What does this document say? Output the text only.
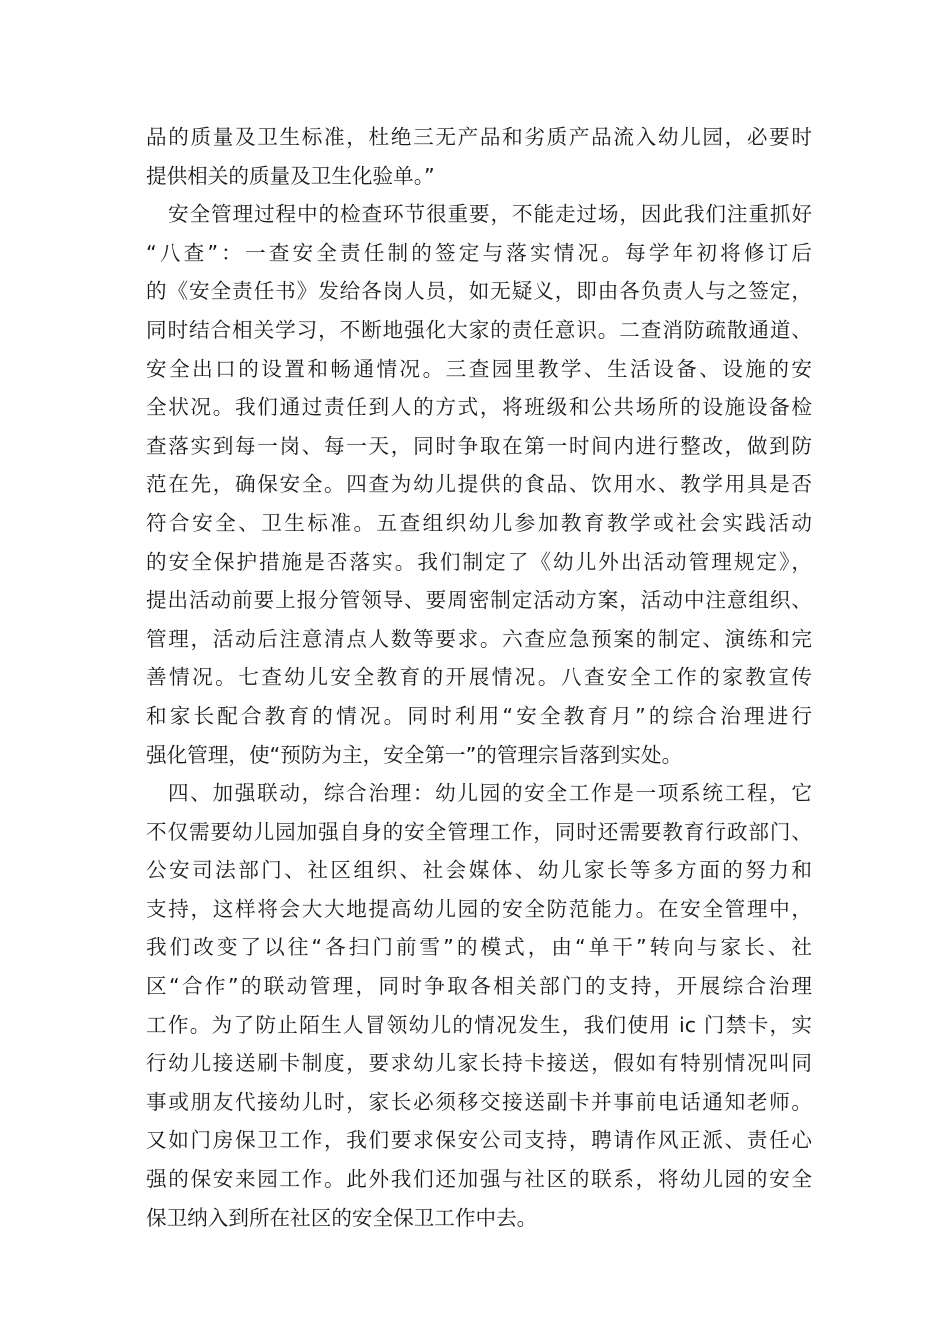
品的质量及卫生标准，杜绝三无产品和劣质产品流入幼儿园，必要时
提供相关的质量及卫生化验单。”
安全管理过程中的检查环节很重要，不能走过场，因此我们注重抓好
“八查”：一查安全责任制的签定与落实情况。每学年初将修订后
的《安全责任书》发给各岗人员，如无疑义，即由各负责人与之签定，
同时结合相关学习，不断地强化大家的责任意识。二查消防疏散通道、
安全出口的设置和畅通情况。三查园里教学、生活设备、设施的安
全状况。我们通过责任到人的方式，将班级和公共场所的设施设备检
查落实到每一岗、每一天，同时争取在第一时间内进行整改，做到防
范在先，确保安全。四查为幼儿提供的食品、饮用水、教学用具是否
符合安全、卫生标准。五查组织幼儿参加教育教学或社会实践活动
的安全保护措施是否落实。我们制定了《幼儿外出活动管理规定》，
提出活动前要上报分管领导、要周密制定活动方案，活动中注意组织、
管理，活动后注意清点人数等要求。六查应急预案的制定、演练和完
善情况。七查幼儿安全教育的开展情况。八查安全工作的家教宣传
和家长配合教育的情况。同时利用“安全教育月”的综合治理进行
强化管理，使“预防为主，安全第一”的管理宗旨落到实处。
四、加强联动，综合治理：幼儿园的安全工作是一项系统工程，它
不仅需要幼儿园加强自身的安全管理工作，同时还需要教育行政部门、
公安司法部门、社区组织、社会媒体、幼儿家长等多方面的努力和
支持，这样将会大大地提高幼儿园的安全防范能力。在安全管理中，
我们改变了以往“各扫门前雪”的模式，由“单干”转向与家长、社
区“合作”的联动管理，同时争取各相关部门的支持，开展综合治理
工作。为了防止陌生人冒领幼儿的情况发生，我们使用 ic 门禁卡，实
行幼儿接送刷卡制度，要求幼儿家长持卡接送，假如有特别情况叫同
事或朋友代接幼儿时，家长必须移交接送副卡并事前电话通知老师。
又如门房保卫工作，我们要求保安公司支持，聘请作风正派、责任心
强的保安来园工作。此外我们还加强与社区的联系，将幼儿园的安全
保卫纳入到所在社区的安全保卫工作中去。
